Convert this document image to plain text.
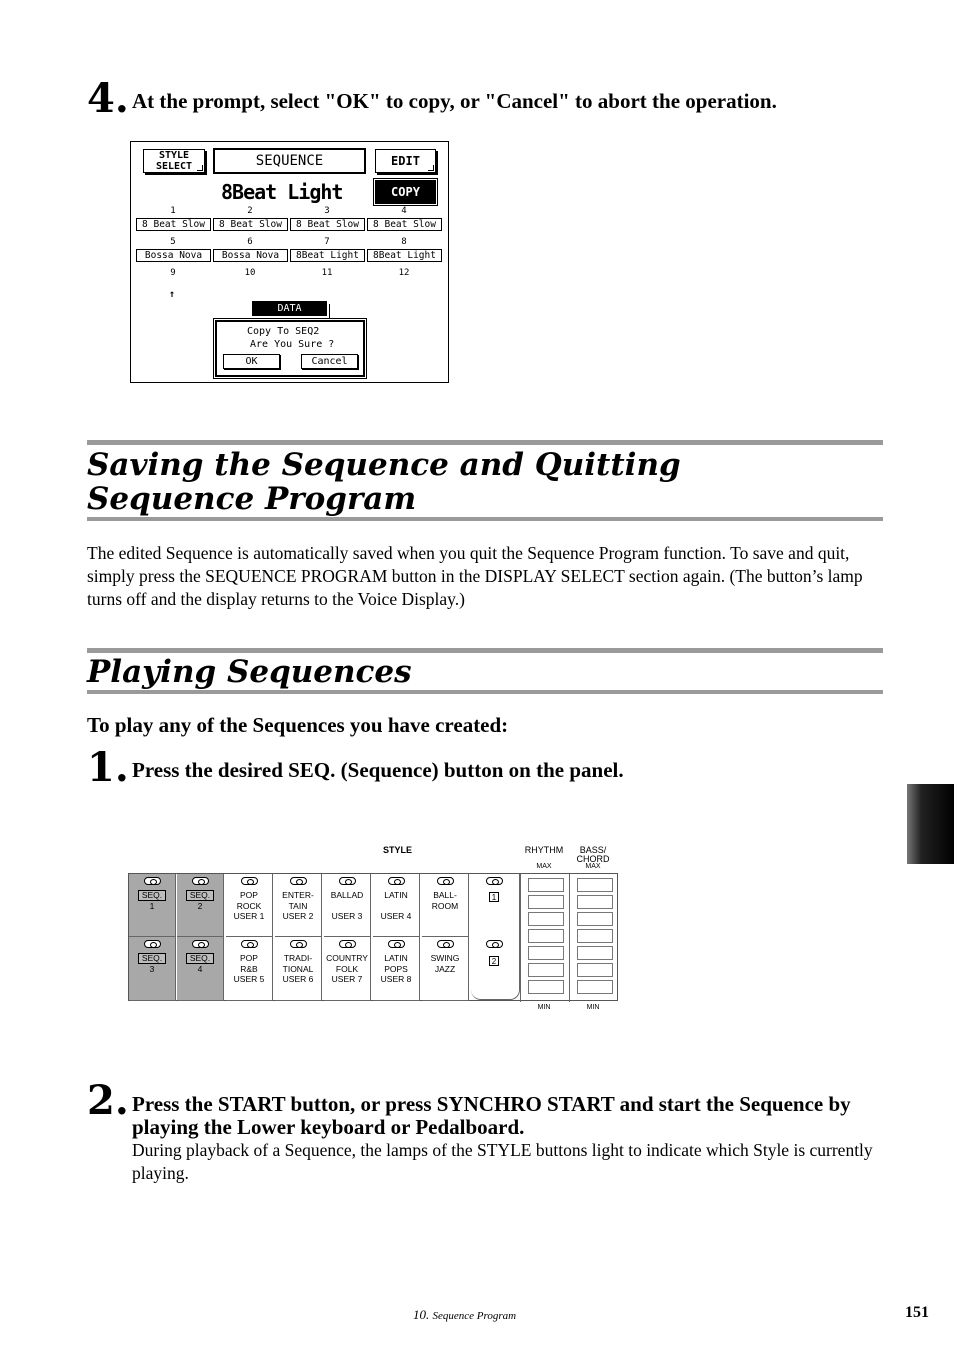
4. At the prompt, select "OK" to copy, or "Cancel" to abort the operation.
STYLE
SELECT	SEQUENCE	EDIT
COPY
8Beat Light
1	2	3	4
8 Beat Slow	8 Beat Slow	8 Beat Slow	8 Beat Slow
5	6	7	8
Bossa Nova	Bossa Nova	8Beat Light	8Beat Light
9	10	11	12
↑
DATA
Copy To SEQ2
Are You Sure ?
OK	Cancel
Saving the Sequence and Quitting
Sequence Program
The edited Sequence is automatically saved when you quit the Sequence Program function. To save and quit, simply press the SEQUENCE PROGRAM button in the DISPLAY SELECT section again. (The button’s lamp turns off and the display returns to the Voice Display.)
Playing Sequences
To play any of the Sequences you have created:
1. Press the desired SEQ. (Sequence) button on the panel.
STYLE	RHYTHM	BASS/
CHORD
MAX	MAX
MIN	MIN
SEQ.
1
SEQ.
2
POP
ROCK
USER 1
ENTER-
TAIN
USER 2
BALLAD
USER 3
LATIN
USER 4
BALL-
ROOM
1
2
SEQ.
3
SEQ.
4
POP
R&B
USER 5
TRADI-
TIONAL
USER 6
COUNTRY
FOLK
USER 7
LATIN
POPS
USER 8
SWING
JAZZ
2. Press the START button, or press SYNCHRO START and start the Sequence by playing the Lower keyboard or Pedalboard.
During playback of a Sequence, the lamps of the STYLE buttons light to indicate which Style is currently playing.
10. Sequence Program	151
